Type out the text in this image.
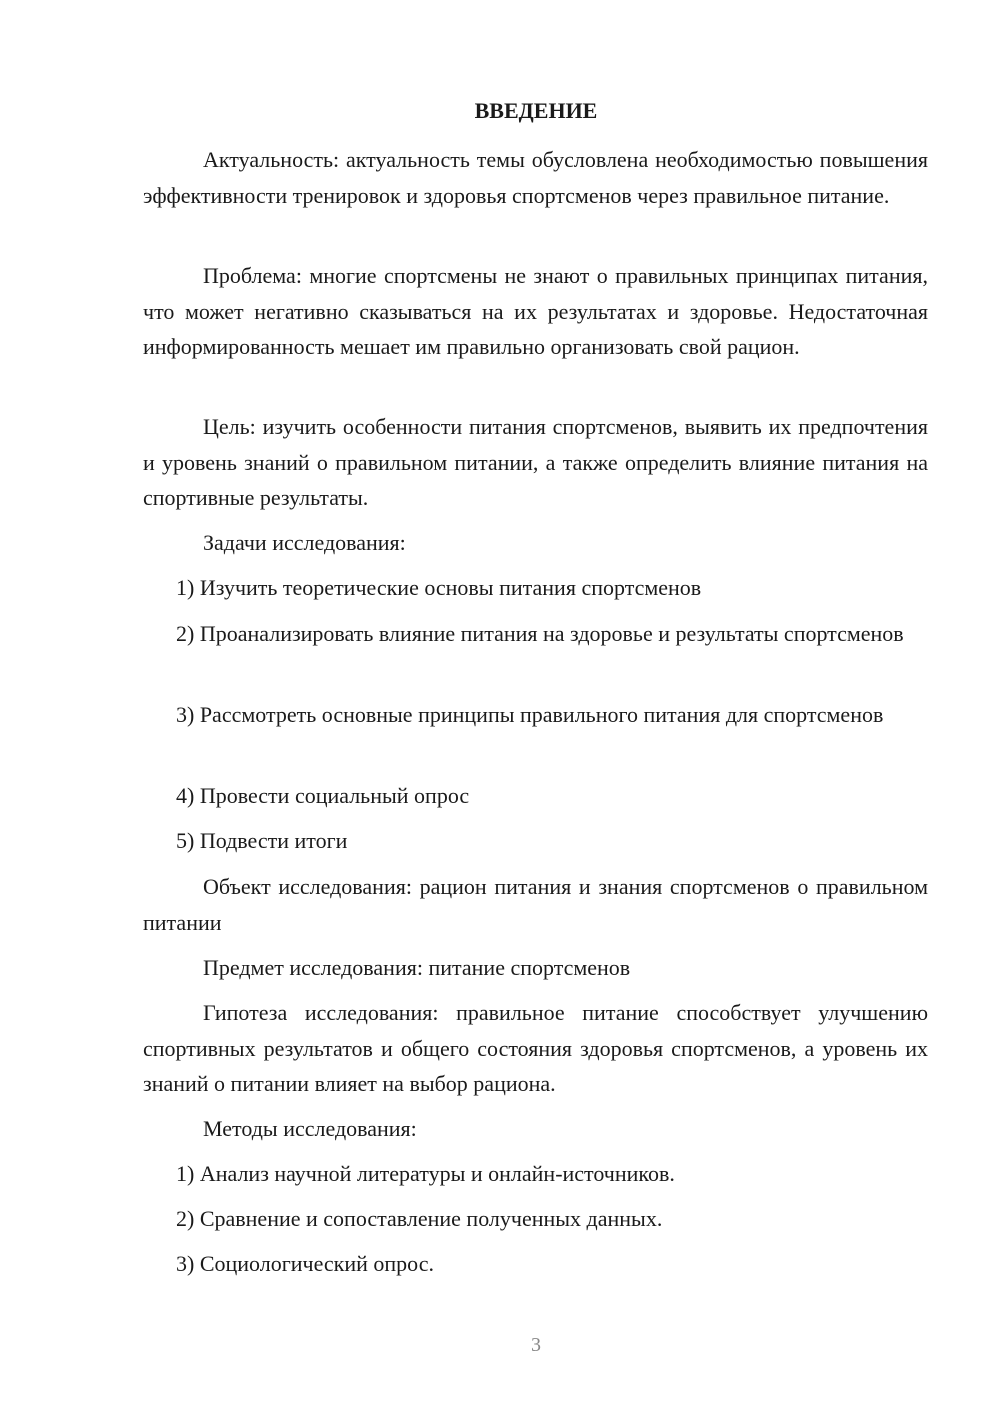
ВВЕДЕНИЕ

Актуальность: актуальность темы обусловлена необходимостью повышения эффективности тренировок и здоровья спортсменов через правильное питание.

Проблема: многие спортсмены не знают о правильных принципах питания, что может негативно сказываться на их результатах и здоровье. Недостаточная информированность мешает им правильно организовать свой рацион.

Цель: изучить особенности питания спортсменов, выявить их предпочтения и уровень знаний о правильном питании, а также определить влияние питания на спортивные результаты.

Задачи исследования:

1) Изучить теоретические основы питания спортсменов

2) Проанализировать влияние питания на здоровье и результаты спортсменов

3) Рассмотреть основные принципы правильного питания для спортсменов

4) Провести социальный опрос

5) Подвести итоги

Объект исследования: рацион питания и знания спортсменов о правильном питании

Предмет исследования: питание спортсменов

Гипотеза исследования: правильное питание способствует улучшению спортивных результатов и общего состояния здоровья спортсменов, а уровень их знаний о питании влияет на выбор рациона.

Методы исследования:

1) Анализ научной литературы и онлайн-источников.

2) Сравнение и сопоставление полученных данных.

3) Социологический опрос.

3
